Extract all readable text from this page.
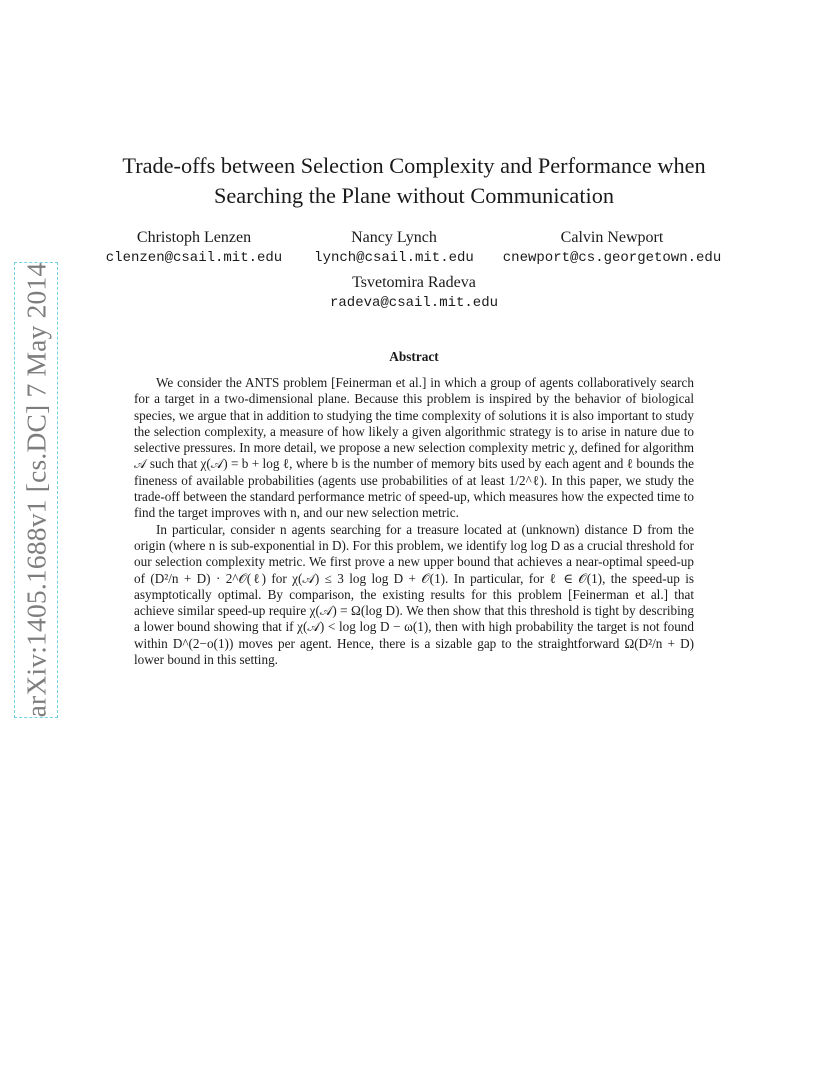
arXiv:1405.1688v1 [cs.DC] 7 May 2014
Trade-offs between Selection Complexity and Performance when
Searching the Plane without Communication
Christoph Lenzen
clenzen@csail.mit.edu
Nancy Lynch
lynch@csail.mit.edu
Calvin Newport
cnewport@cs.georgetown.edu
Tsvetomira Radeva
radeva@csail.mit.edu
Abstract

We consider the ANTS problem [Feinerman et al.] in which a group of agents collaboratively search for a target in a two-dimensional plane. Because this problem is inspired by the behavior of biological species, we argue that in addition to studying the time complexity of solutions it is also important to study the selection complexity, a measure of how likely a given algorithmic strategy is to arise in nature due to selective pressures. In more detail, we propose a new selection complexity metric χ, defined for algorithm 𝒜 such that χ(𝒜) = b + log ℓ, where b is the number of memory bits used by each agent and ℓ bounds the fineness of available probabilities (agents use probabilities of at least 1/2^ℓ). In this paper, we study the trade-off between the standard performance metric of speed-up, which measures how the expected time to find the target improves with n, and our new selection metric.

In particular, consider n agents searching for a treasure located at (unknown) distance D from the origin (where n is sub-exponential in D). For this problem, we identify log log D as a crucial threshold for our selection complexity metric. We first prove a new upper bound that achieves a near-optimal speed-up of (D²/n + D) · 2^𝒪(ℓ) for χ(𝒜) ≤ 3 log log D + 𝒪(1). In particular, for ℓ ∈ 𝒪(1), the speed-up is asymptotically optimal. By comparison, the existing results for this problem [Feinerman et al.] that achieve similar speed-up require χ(𝒜) = Ω(log D). We then show that this threshold is tight by describing a lower bound showing that if χ(𝒜) < log log D − ω(1), then with high probability the target is not found within D^(2−o(1)) moves per agent. Hence, there is a sizable gap to the straightforward Ω(D²/n + D) lower bound in this setting.
